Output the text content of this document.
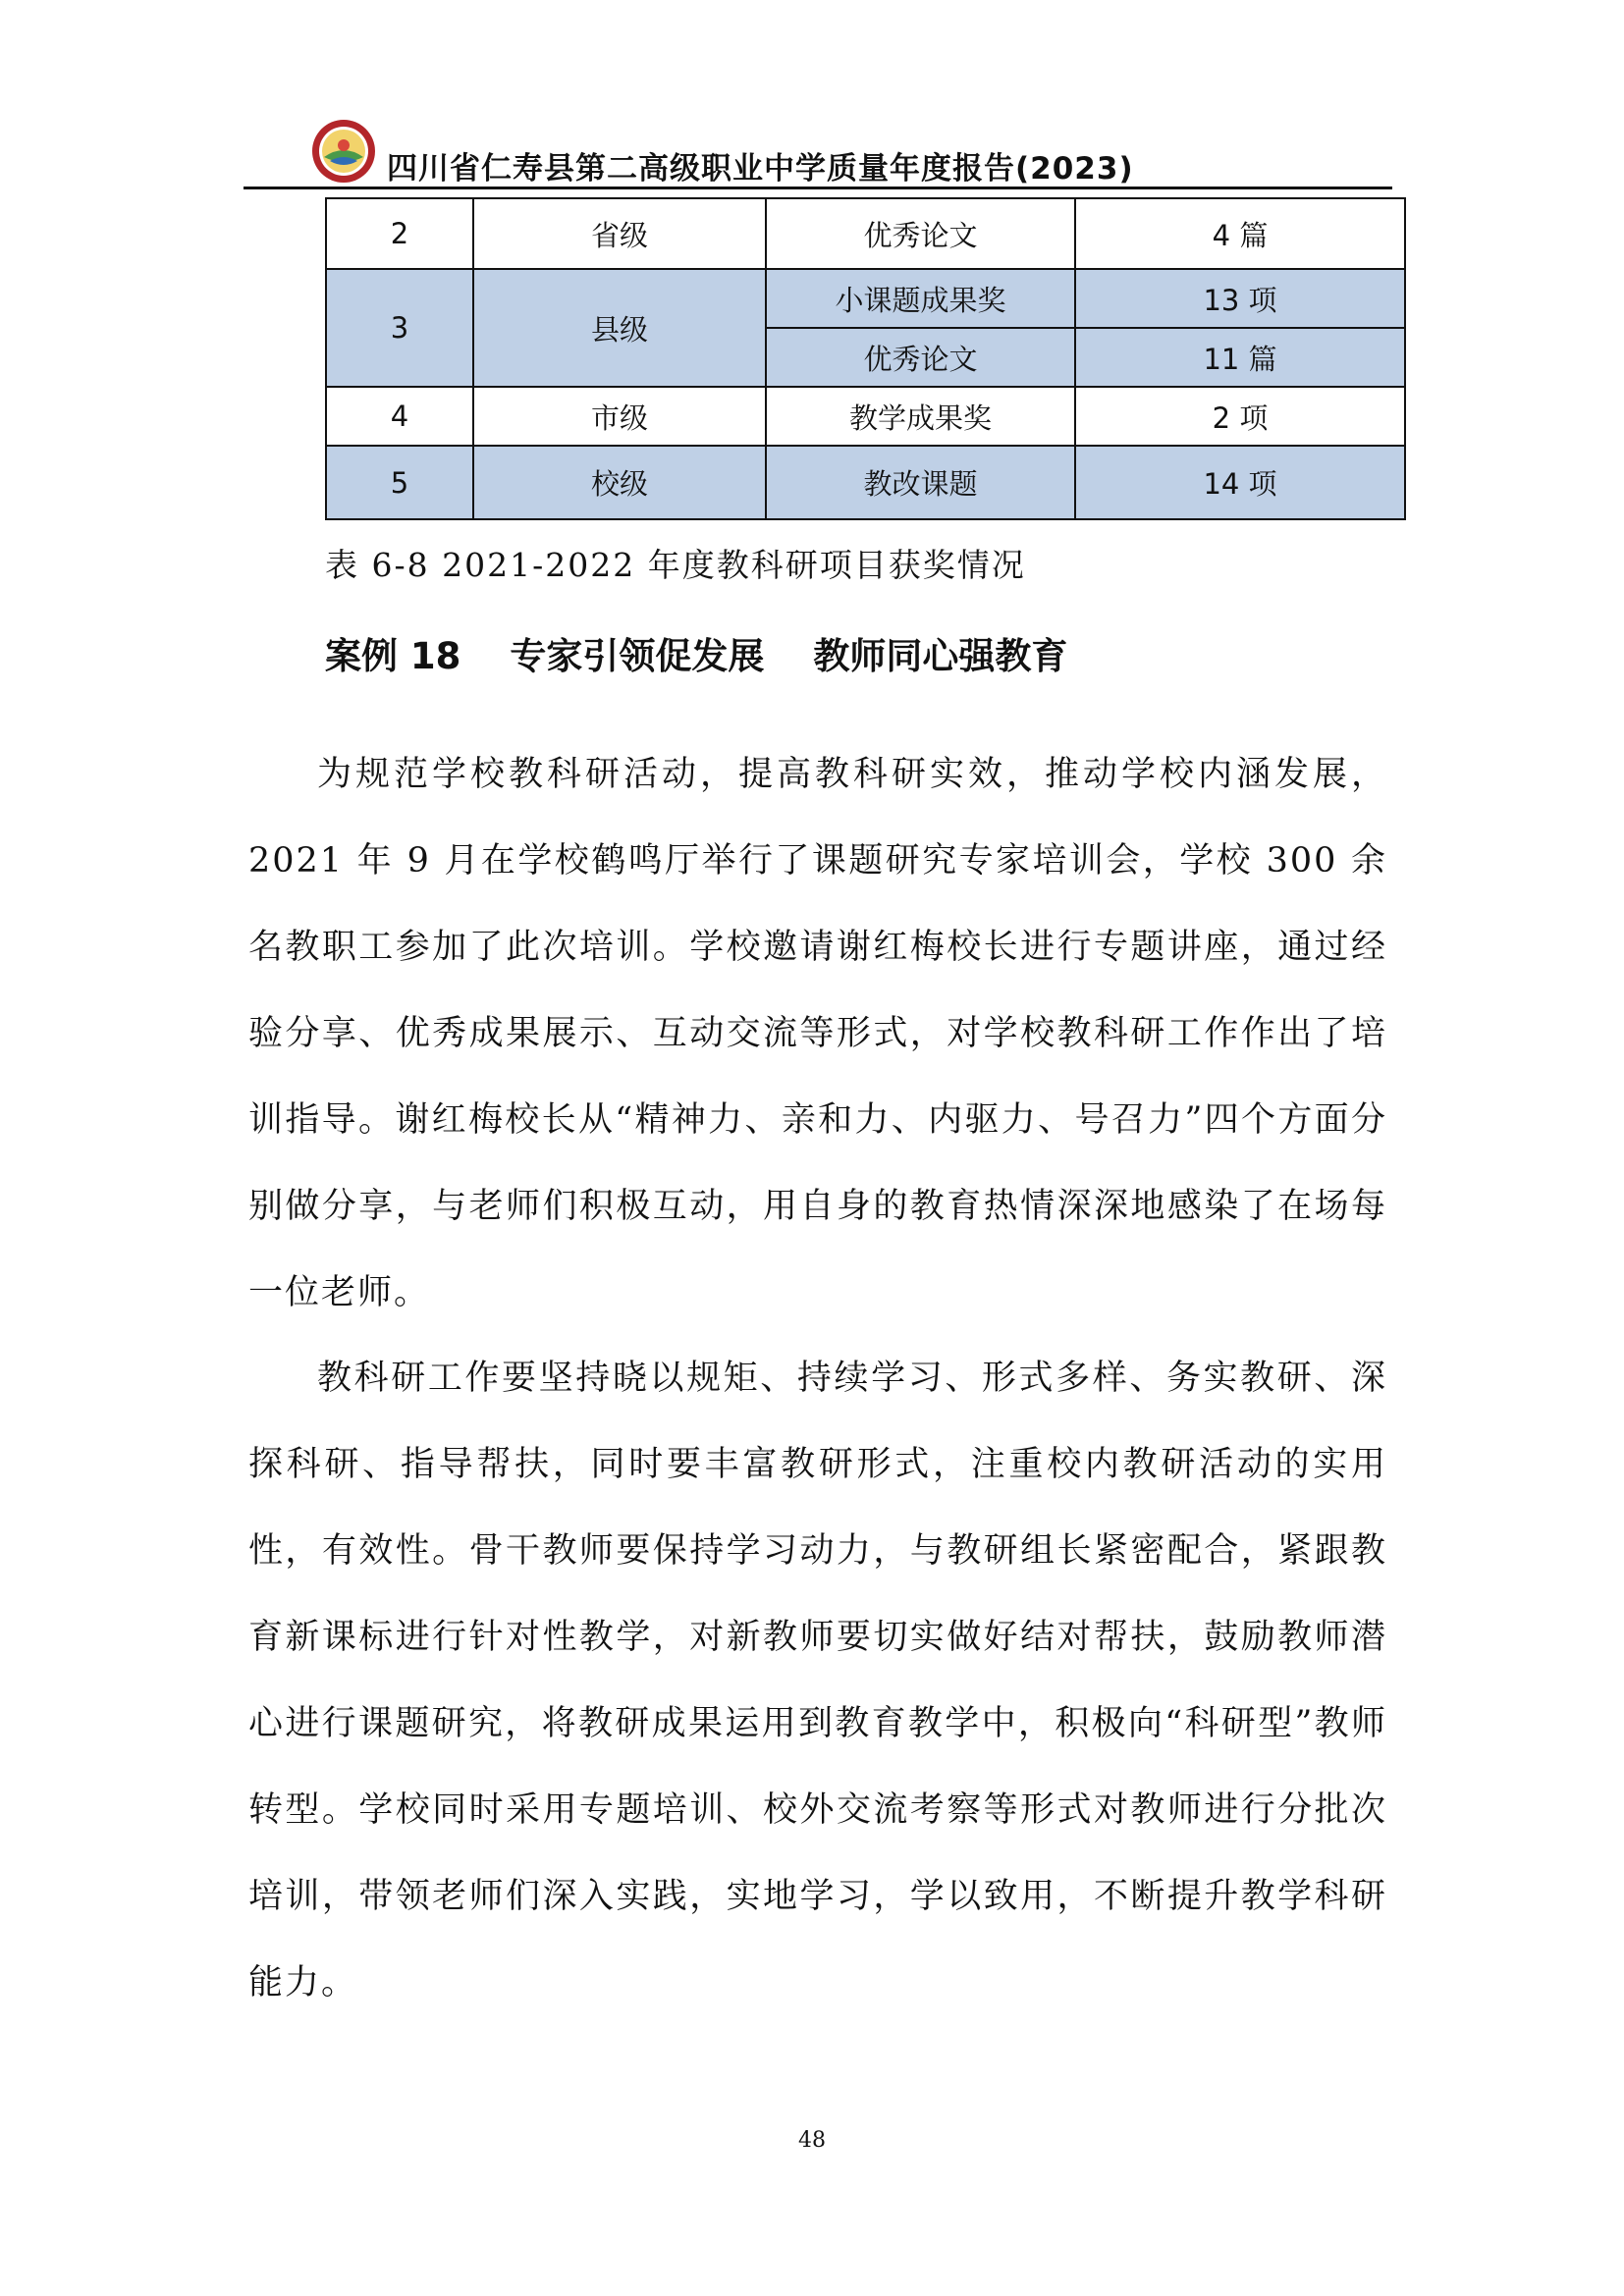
四川省仁寿县第二高级职业中学质量年度报告(2023)
2	省级	优秀论文	4 篇
3	县级	小课题成果奖	13 项
		优秀论文	11 篇
4	市级	教学成果奖	2 项
5	校级	教改课题	14 项
表 6-8 2021-2022 年度教科研项目获奖情况
案例 18 专家引领促发展 教师同心强教育

为规范学校教科研活动，提高教科研实效，推动学校内涵发展，2021 年 9 月在学校鹤鸣厅举行了课题研究专家培训会，学校 300 余名教职工参加了此次培训。学校邀请谢红梅校长进行专题讲座，通过经验分享、优秀成果展示、互动交流等形式，对学校教科研工作作出了培训指导。谢红梅校长从“精神力、亲和力、内驱力、号召力”四个方面分别做分享，与老师们积极互动，用自身的教育热情深深地感染了在场每一位老师。

教科研工作要坚持晓以规矩、持续学习、形式多样、务实教研、深探科研、指导帮扶，同时要丰富教研形式，注重校内教研活动的实用性，有效性。骨干教师要保持学习动力，与教研组长紧密配合，紧跟教育新课标进行针对性教学，对新教师要切实做好结对帮扶，鼓励教师潜心进行课题研究，将教研成果运用到教育教学中，积极向“科研型”教师转型。学校同时采用专题培训、校外交流考察等形式对教师进行分批次培训，带领老师们深入实践，实地学习，学以致用，不断提升教学科研能力。

48
